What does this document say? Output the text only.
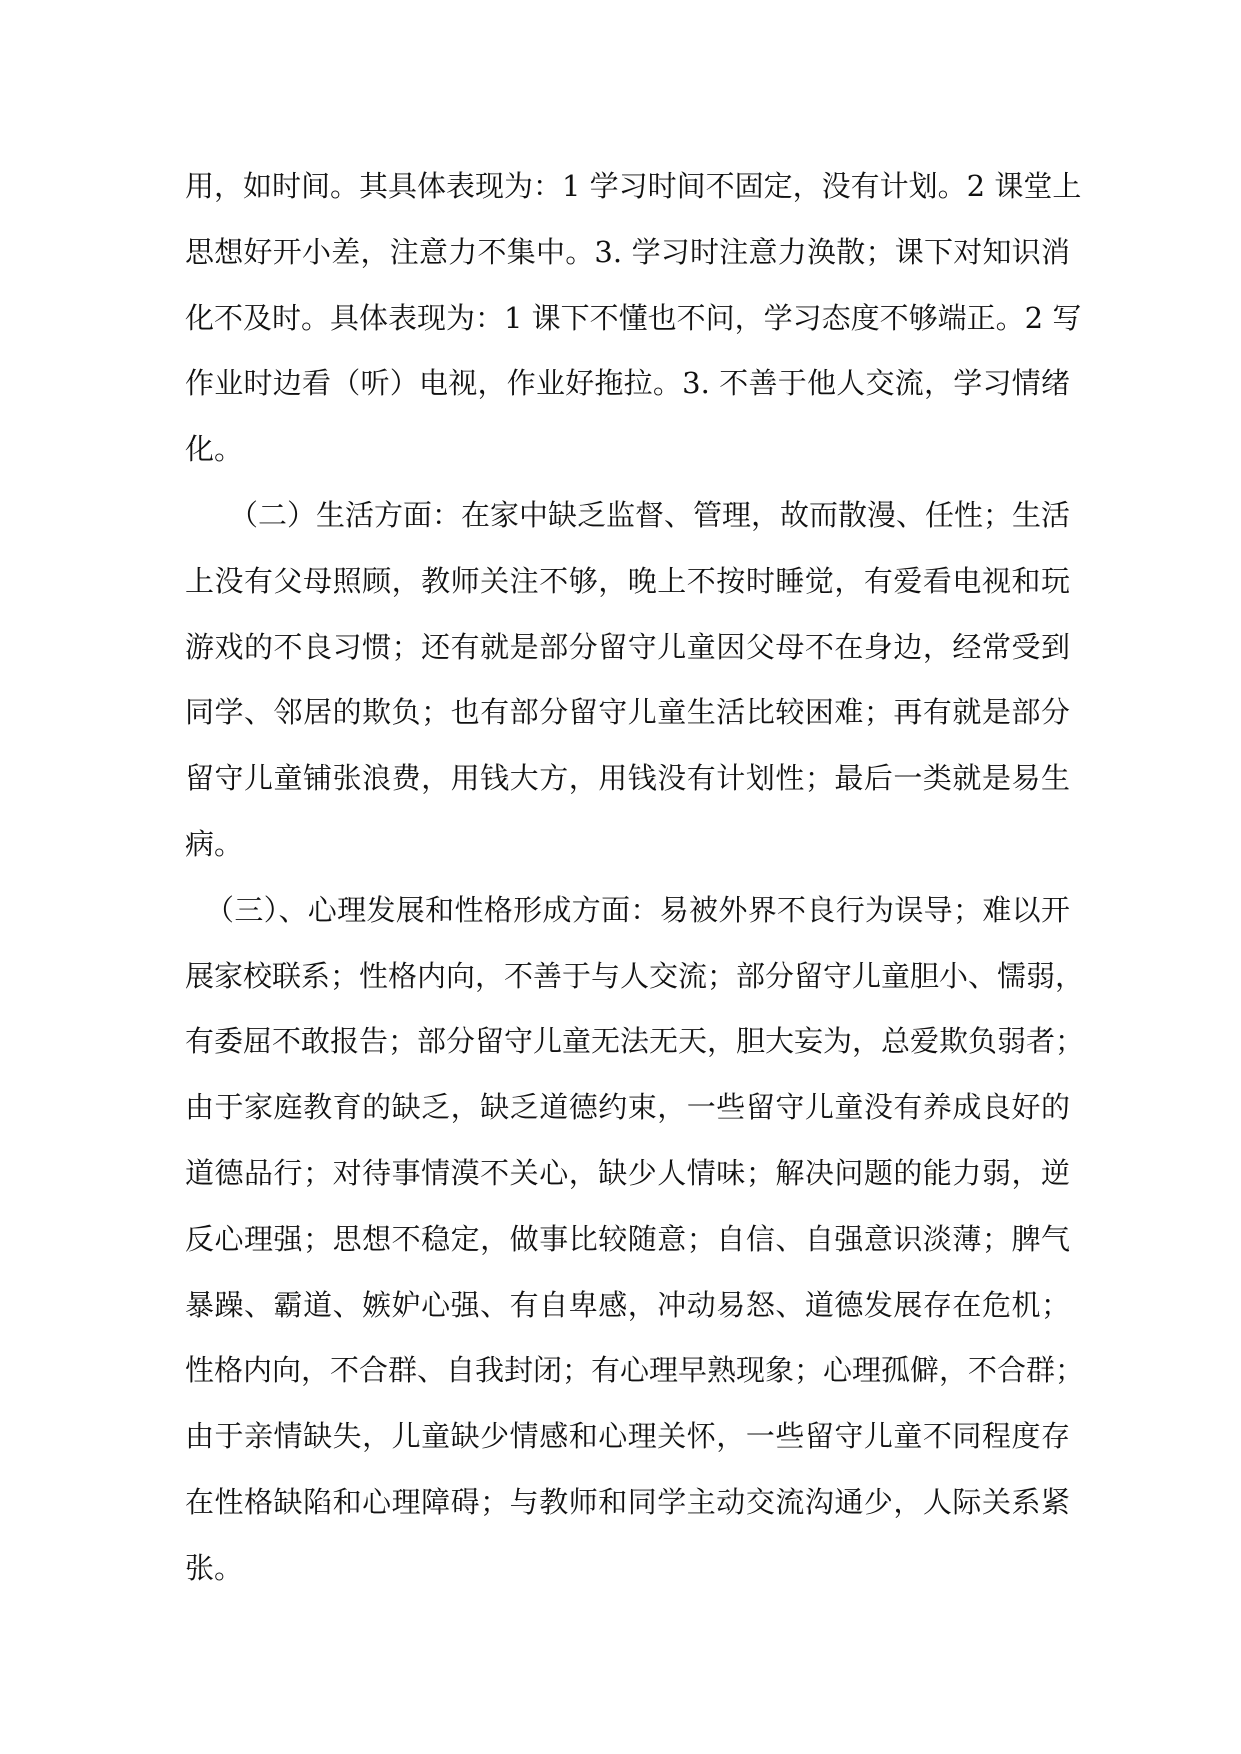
用，如时间。其具体表现为：1 学习时间不固定，没有计划。2 课堂上
思想好开小差，注意力不集中。3. 学习时注意力涣散；课下对知识消
化不及时。具体表现为：1 课下不懂也不问，学习态度不够端正。2 写
作业时边看（听）电视，作业好拖拉。3. 不善于他人交流，学习情绪
化。
（二）生活方面：在家中缺乏监督、管理，故而散漫、任性；生活
上没有父母照顾，教师关注不够，晚上不按时睡觉，有爱看电视和玩
游戏的不良习惯；还有就是部分留守儿童因父母不在身边，经常受到
同学、邻居的欺负；也有部分留守儿童生活比较困难；再有就是部分
留守儿童铺张浪费，用钱大方，用钱没有计划性；最后一类就是易生
病。
（三）、心理发展和性格形成方面：易被外界不良行为误导；难以开
展家校联系；性格内向，不善于与人交流；部分留守儿童胆小、懦弱，
有委屈不敢报告；部分留守儿童无法无天，胆大妄为，总爱欺负弱者；
由于家庭教育的缺乏，缺乏道德约束，一些留守儿童没有养成良好的
道德品行；对待事情漠不关心，缺少人情味；解决问题的能力弱，逆
反心理强；思想不稳定，做事比较随意；自信、自强意识淡薄；脾气
暴躁、霸道、嫉妒心强、有自卑感，冲动易怒、道德发展存在危机；
性格内向，不合群、自我封闭；有心理早熟现象；心理孤僻，不合群；
由于亲情缺失，儿童缺少情感和心理关怀，一些留守儿童不同程度存
在性格缺陷和心理障碍；与教师和同学主动交流沟通少，人际关系紧
张。
